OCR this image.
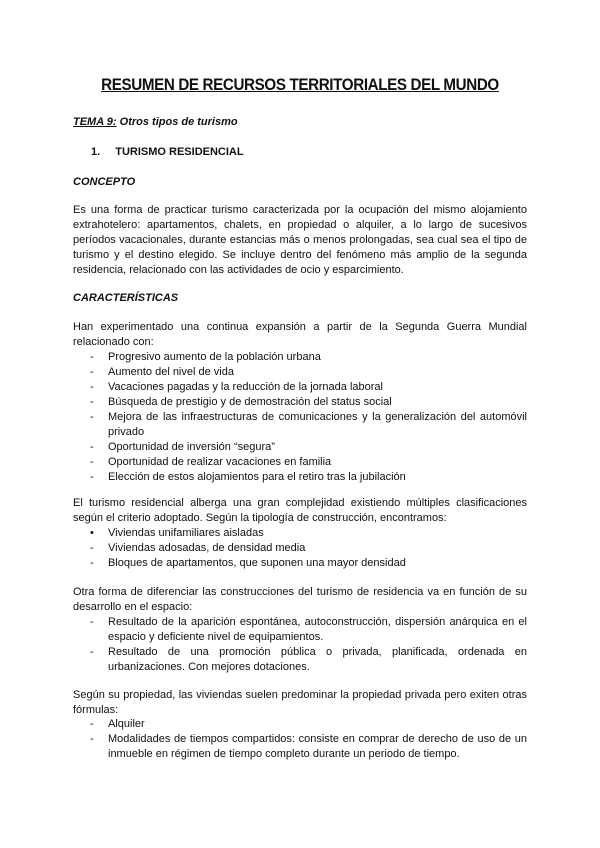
RESUMEN DE RECURSOS TERRITORIALES DEL MUNDO
TEMA 9: Otros tipos de turismo
1. TURISMO RESIDENCIAL
CONCEPTO

Es una forma de practicar turismo caracterizada por la ocupación del mismo alojamiento extrahotelero: apartamentos, chalets, en propiedad o alquiler, a lo largo de sucesivos períodos vacacionales, durante estancias más o menos prolongadas, sea cual sea el tipo de turismo y el destino elegido. Se incluye dentro del fenómeno más amplio de la segunda residencia, relacionado con las actividades de ocio y esparcimiento.

CARACTERÍSTICAS

Han experimentado una continua expansión a partir de la Segunda Guerra Mundial relacionado con:

- Progresivo aumento de la población urbana
- Aumento del nivel de vida
- Vacaciones pagadas y la reducción de la jornada laboral
- Búsqueda de prestigio y de demostración del status social
- Mejora de las infraestructuras de comunicaciones y la generalización del automóvil privado
- Oportunidad de inversión “segura”
- Oportunidad de realizar vacaciones en familia
- Elección de estos alojamientos para el retiro tras la jubilación

El turismo residencial alberga una gran complejidad existiendo múltiples clasificaciones según el criterio adoptado. Según la tipología de construcción, encontramos:

• Viviendas unifamiliares aisladas
- Viviendas adosadas, de densidad media
- Bloques de apartamentos, que suponen una mayor densidad

Otra forma de diferenciar las construcciones del turismo de residencia va en función de su desarrollo en el espacio:

- Resultado de la aparición espontánea, autoconstrucción, dispersión anárquica en el espacio y deficiente nivel de equipamientos.
- Resultado de una promoción pública o privada, planificada, ordenada en urbanizaciones. Con mejores dotaciones.

Según su propiedad, las viviendas suelen predominar la propiedad privada pero exiten otras fórmulas:

- Alquiler
- Modalidades de tiempos compartidos: consiste en comprar de derecho de uso de un inmueble en régimen de tiempo completo durante un periodo de tiempo.
